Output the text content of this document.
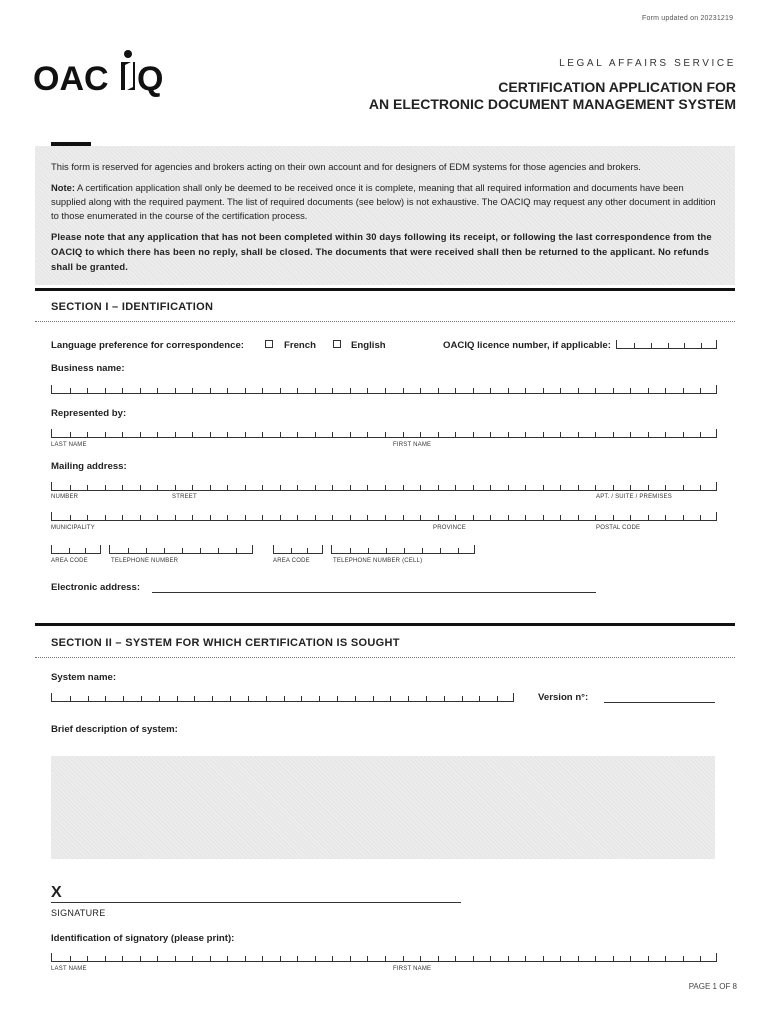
Form updated on 20231219
OAC Q	LEGAL AFFAIRS SERVICE
CERTIFICATION APPLICATION FOR
AN ELECTRONIC DOCUMENT MANAGEMENT SYSTEM
This form is reserved for agencies and brokers acting on their own account and for designers of EDM systems for those agencies and brokers.
Note: A certification application shall only be deemed to be received once it is complete, meaning that all required information and documents have been supplied along with the required payment. The list of required documents (see below) is not exhaustive. The OACIQ may request any other document in addition to those enumerated in the course of the certification process.
Please note that any application that has not been completed within 30 days following its receipt, or following the last correspondence from the OACIQ to which there has been no reply, shall be closed. The documents that were received shall then be returned to the applicant. No refunds shall be granted.
SECTION I – IDENTIFICATION
Language preference for correspondence:	French	English	OACIQ licence number, if applicable:
Business name:
Represented by:
LAST NAME	FIRST NAME
Mailing address:
NUMBER	STREET	APT. / SUITE / PREMISES
MUNICIPALITY	PROVINCE	POSTAL CODE
AREA CODE	TELEPHONE NUMBER	AREA CODE	TELEPHONE NUMBER (CELL)
Electronic address:
SECTION II – SYSTEM FOR WHICH CERTIFICATION IS SOUGHT
System name:
Version n°:
Brief description of system:
X
SIGNATURE
Identification of signatory (please print):
LAST NAME	FIRST NAME
PAGE 1 OF 8
